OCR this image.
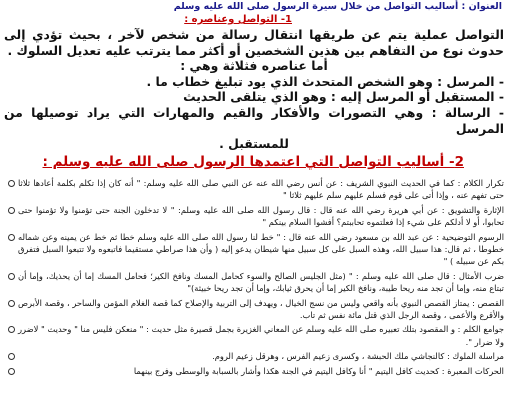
العنوان : أساليب التواصل من خلال سيرة الرسول صلى الله عليه وسلم
1- التواصل وعناصره :

التواصل عملية يتم عن طريقها انتقال رسالة من شخص لآخر ، بحيث تؤدي إلى حدوث نوع من التفاهم بين هذين الشخصين أو أكثر مما يترتب عليه تعديل السلوك .
أما عناصره فثلاثة وهي :
- المرسل : وهو الشخص المتحدث الذي يود تبليغ خطاب ما .
- المستقبل أو المرسل إليه : وهو الذي يتلقى الحديث
- الرسالة : وهي التصورات والأفكار والقيم والمهارات التي يراد توصيلها من المرسل
للمستقبل .

2- أساليب التواصل التي اعتمدها الرسول صلى الله عليه وسلم :
تكرار الكلام : كما في الحديث النبوي الشريف : عن أنس رضي الله عنه عن النبي صلى الله عليه وسلم: " أنه كان إذا تكلم بكلمة أعادها ثلاثا حتى تفهم عنه ، وإذا أتى على قوم فسلم عليهم سلم عليهم ثلاثا "
الإثارة والتشويق : عن أبي هريرة رضي الله عنه قال : قال رسول الله صلى الله عليه وسلم: " لا تدخلون الجنة حتى تؤمنوا ولا تؤمنوا حتى تحابوا، أو لا أدلكم على شيء إذا فعلتموه تحاببتم؟ أفشوا السلام بينكم "
الرسوم التوضيحية : عن عبد الله بن مسعود رضي الله عنه قال : " خط لنا رسول الله صلى الله عليه وسلم خطا ثم خط عن يمينه وعن شماله خطوطا ، ثم قال: هذا سبيل الله، وهذه السبل على كل سبيل منها شيطان يدعو إليه ( وأن هذا صراطي مستقيما فاتبعوه ولا تتبعوا السبل فتفرق بكم عن سبيله ) "
ضرب الأمثال : قال صلى الله عليه وسلم : " (مثل الجليس الصالح والسوء كحامل المسك ونافخ الكير؛ فحامل المسك إما أن يحذيك، وإما أن تبتاع منه، وإما أن تجد منه ريحا طيبة، ونافخ الكير إما أن يحرق ثيابك، وإما أن تجد ريحا خبيثة)"
القصص : يمتاز القصص النبوي بأنه واقعي وليس من نسج الخيال ، ويهدف إلى التربية والإصلاح كما قصة الغلام المؤمن والساحر ، وقصة الأبرص والأقرع والأعمى ، وقصة الرجل الذي قتل مائة نفس ثم تاب.
جوامع الكلم : و المقصود بتلك تعبيره صلى الله عليه وسلم عن المعاني الغزيرة بجمل قصيرة مثل حديث : " منعكن فليس منا " وحديث " لاضرر ولا ضرار ".
مراسلة الملوك : كالنجاشي ملك الحبشة ، وكسرى زعيم الفرس ، وهرقل زعيم الروم.
الحركات المعبرة : كحديث كافل اليتيم " أنا وكافل اليتيم في الجنة هكذا وأشار بالسبابة والوسطى وفرج بينهما
